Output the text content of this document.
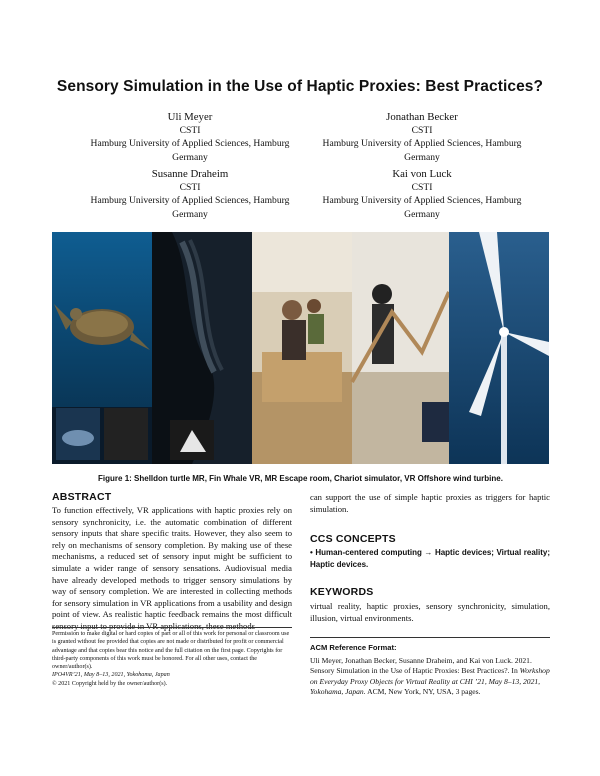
Sensory Simulation in the Use of Haptic Proxies: Best Practices?
Uli Meyer
CSTI
Hamburg University of Applied Sciences, Hamburg
Germany
Jonathan Becker
CSTI
Hamburg University of Applied Sciences, Hamburg
Germany
Susanne Draheim
CSTI
Hamburg University of Applied Sciences, Hamburg
Germany
Kai von Luck
CSTI
Hamburg University of Applied Sciences, Hamburg
Germany
Figure 1: Shelldon turtle MR, Fin Whale VR, MR Escape room, Chariot simulator, VR Offshore wind turbine.
ABSTRACT
To function effectively, VR applications with haptic proxies rely on sensory synchronicity, i.e. the automatic combination of different sensory inputs that share specific traits. However, they also seem to rely on mechanisms of sensory completion. By making use of these mechanisms, a reduced set of sensory input might be sufficient to simulate a wider range of sensory sensations. Audiovisual media have already developed methods to trigger sensory simulations by way of sensory completion. We are interested in collecting methods for sensory simulation in VR applications from a usability and design point of view. As realistic haptic feedback remains the most difficult sensory input to provide in VR applications, these methods
Permission to make digital or hard copies of part or all of this work for personal or classroom use is granted without fee provided that copies are not made or distributed for profit or commercial advantage and that copies bear this notice and the full citation on the first page. Copyrights for third-party components of this work must be honored. For all other uses, contact the owner/author(s).
IPO4VR’21, May 8–13, 2021, Yokohama, Japan
© 2021 Copyright held by the owner/author(s).
can support the use of simple haptic proxies as triggers for haptic simulation.
CCS CONCEPTS
• Human-centered computing → Haptic devices; Virtual reality; Haptic devices.
KEYWORDS
virtual reality, haptic proxies, sensory synchronicity, simulation, illusion, virtual environments.
ACM Reference Format:
Uli Meyer, Jonathan Becker, Susanne Draheim, and Kai von Luck. 2021. Sensory Simulation in the Use of Haptic Proxies: Best Practices?. In Workshop on Everyday Proxy Objects for Virtual Reality at CHI ’21, May 8–13, 2021, Yokohama, Japan. ACM, New York, NY, USA, 3 pages.
